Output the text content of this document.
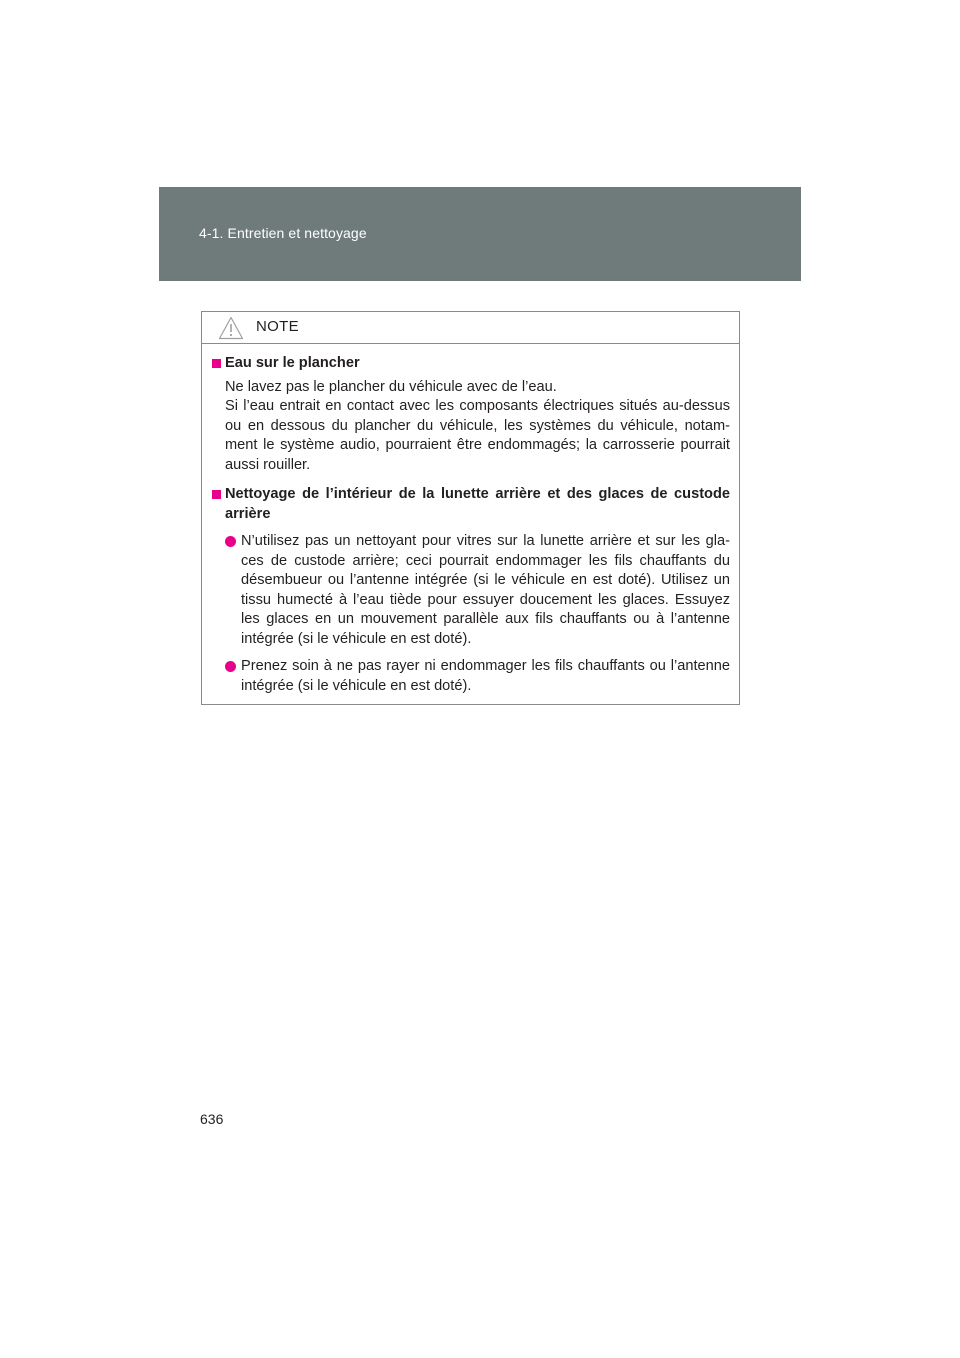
4-1. Entretien et nettoyage
NOTE
Eau sur le plancher
Ne lavez pas le plancher du véhicule avec de l’eau.
Si l’eau entrait en contact avec les composants électriques situés au-dessus ou en dessous du plancher du véhicule, les systèmes du véhicule, notam-ment le système audio, pourraient être endommagés; la carrosserie pourrait aussi rouiller.
Nettoyage de l’intérieur de la lunette arrière et des glaces de custode arrière
N’utilisez pas un nettoyant pour vitres sur la lunette arrière et sur les gla-ces de custode arrière; ceci pourrait endommager les fils chauffants du désembueur ou l’antenne intégrée (si le véhicule en est doté). Utilisez un tissu humecté à l’eau tiède pour essuyer doucement les glaces. Essuyez les glaces en un mouvement parallèle aux fils chauffants ou à l’antenne intégrée (si le véhicule en est doté).
Prenez soin à ne pas rayer ni endommager les fils chauffants ou l’antenne intégrée (si le véhicule en est doté).
636
